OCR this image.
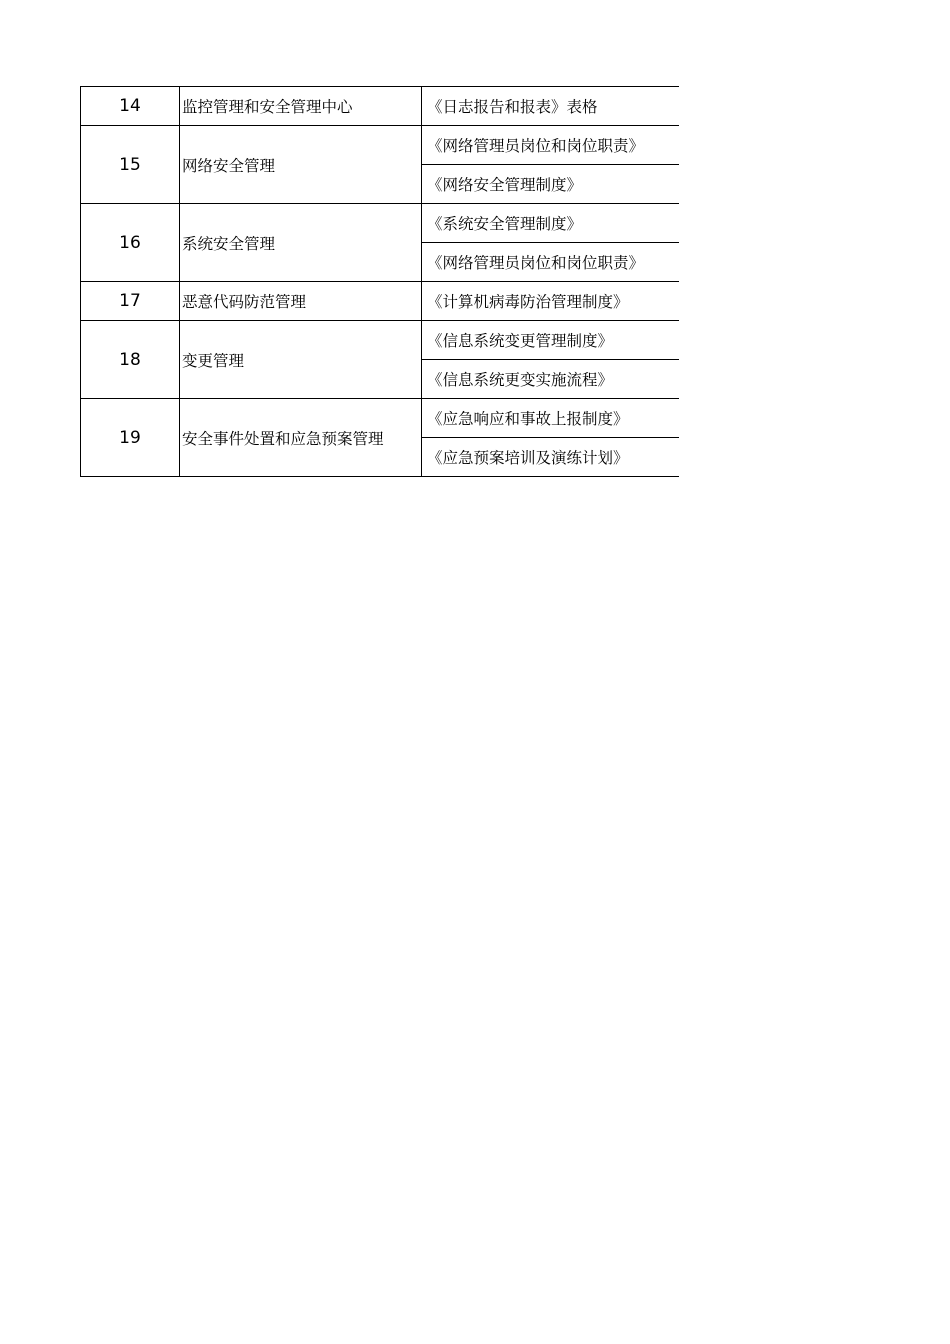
14	监控管理和安全管理中心	《日志报告和报表》表格
15	网络安全管理	《网络管理员岗位和岗位职责》
		《网络安全管理制度》
16	系统安全管理	《系统安全管理制度》
		《网络管理员岗位和岗位职责》
17	恶意代码防范管理	《计算机病毒防治管理制度》
18	变更管理	《信息系统变更管理制度》
		《信息系统更变实施流程》
19	安全事件处置和应急预案管理	《应急响应和事故上报制度》
		《应急预案培训及演练计划》
